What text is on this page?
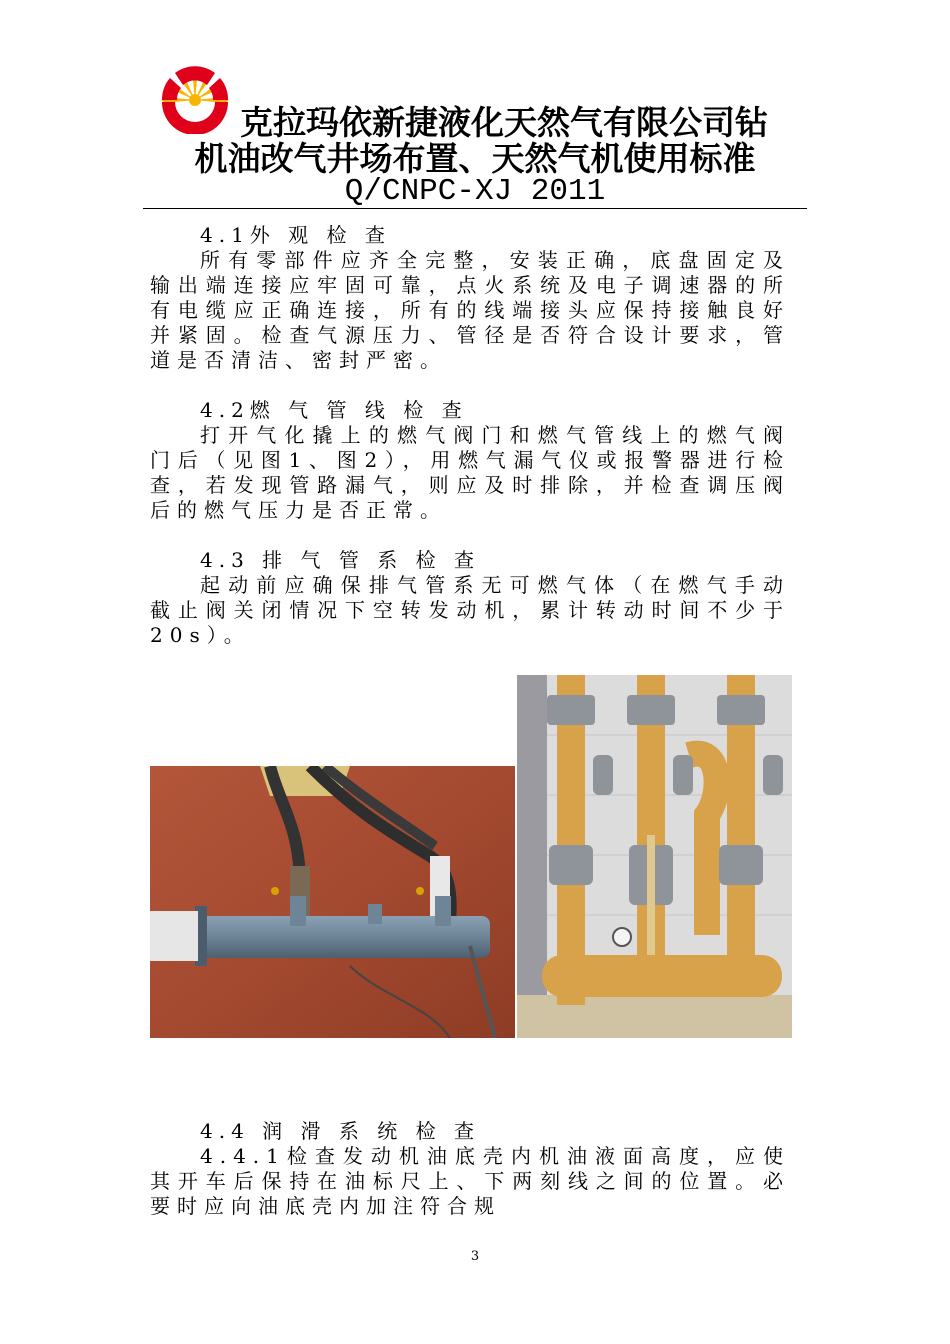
克拉玛依新捷液化天然气有限公司钻
机油改气井场布置、天然气机使用标准
Q/CNPC-XJ 2011
4.1外 观 检 查
所有零部件应齐全完整，安装正确，底盘固定及输出端连接应牢固可靠，点火系统及电子调速器的所有电缆应正确连接，所有的线端接头应保持接触良好并紧固。检查气源压力、管径是否符合设计要求，管道是否清洁、密封严密。
4.2燃 气 管 线 检 查
打开气化撬上的燃气阀门和燃气管线上的燃气阀门后（见图1、图2），用燃气漏气仪或报警器进行检查，若发现管路漏气，则应及时排除，并检查调压阀后的燃气压力是否正常。
4.3 排 气 管 系 检 查
起动前应确保排气管系无可燃气体（在燃气手动截止阀关闭情况下空转发动机，累计转动时间不少于20s）。
4.4 润 滑 系 统 检 查
4.4.1检查发动机油底壳内机油液面高度，应使其开车后保持在油标尺上、下两刻线之间的位置。必要时应向油底壳内加注符合规
3
